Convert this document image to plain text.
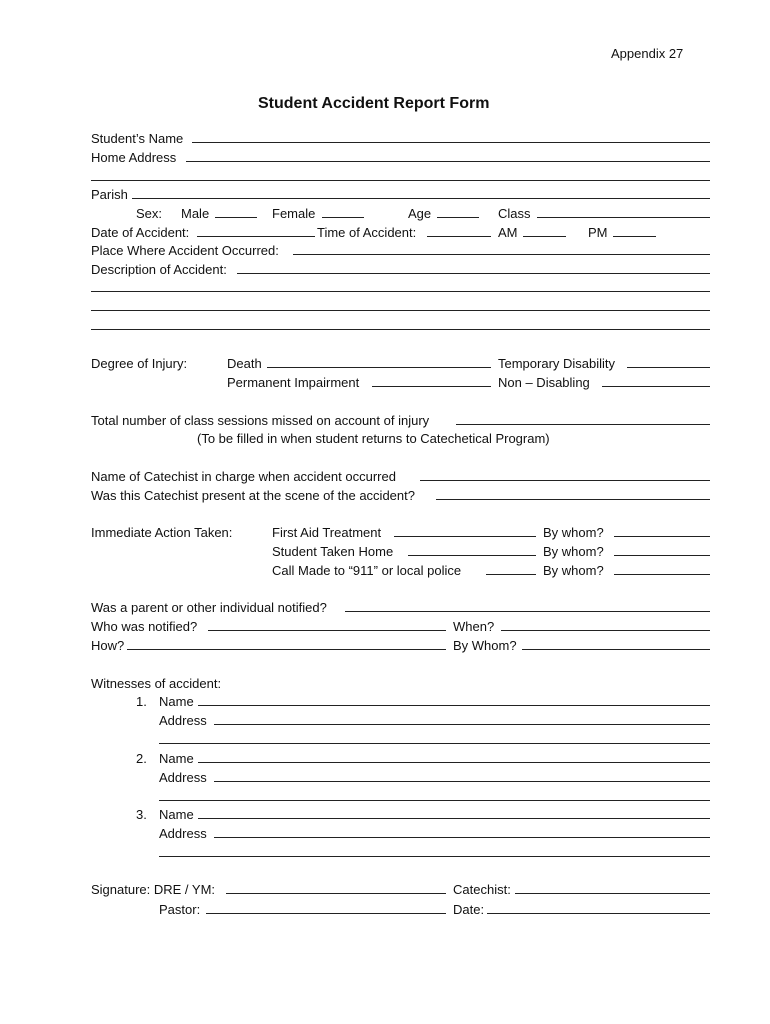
Appendix 27
Student Accident Report Form
Student’s Name
Home Address
Parish
Sex: Male	Female	Age	Class
Date of Accident:	Time of Accident:	AM	PM
Place Where Accident Occurred:
Description of Accident:
Degree of Injury:	Death	Temporary Disability
Permanent Impairment	Non – Disabling
Total number of class sessions missed on account of injury
(To be filled in when student returns to Catechetical Program)
Name of Catechist in charge when accident occurred
Was this Catechist present at the scene of the accident?
Immediate Action Taken:	First Aid Treatment	By whom?
Student Taken Home	By whom?
Call Made to “911” or local police	By whom?
Was a parent or other individual notified?
Who was notified?	When?
How?	By Whom?
Witnesses of accident:
1. Name
Address
2. Name
Address
3. Name
Address
Signature: DRE / YM:	Catechist:
Pastor:	Date:
